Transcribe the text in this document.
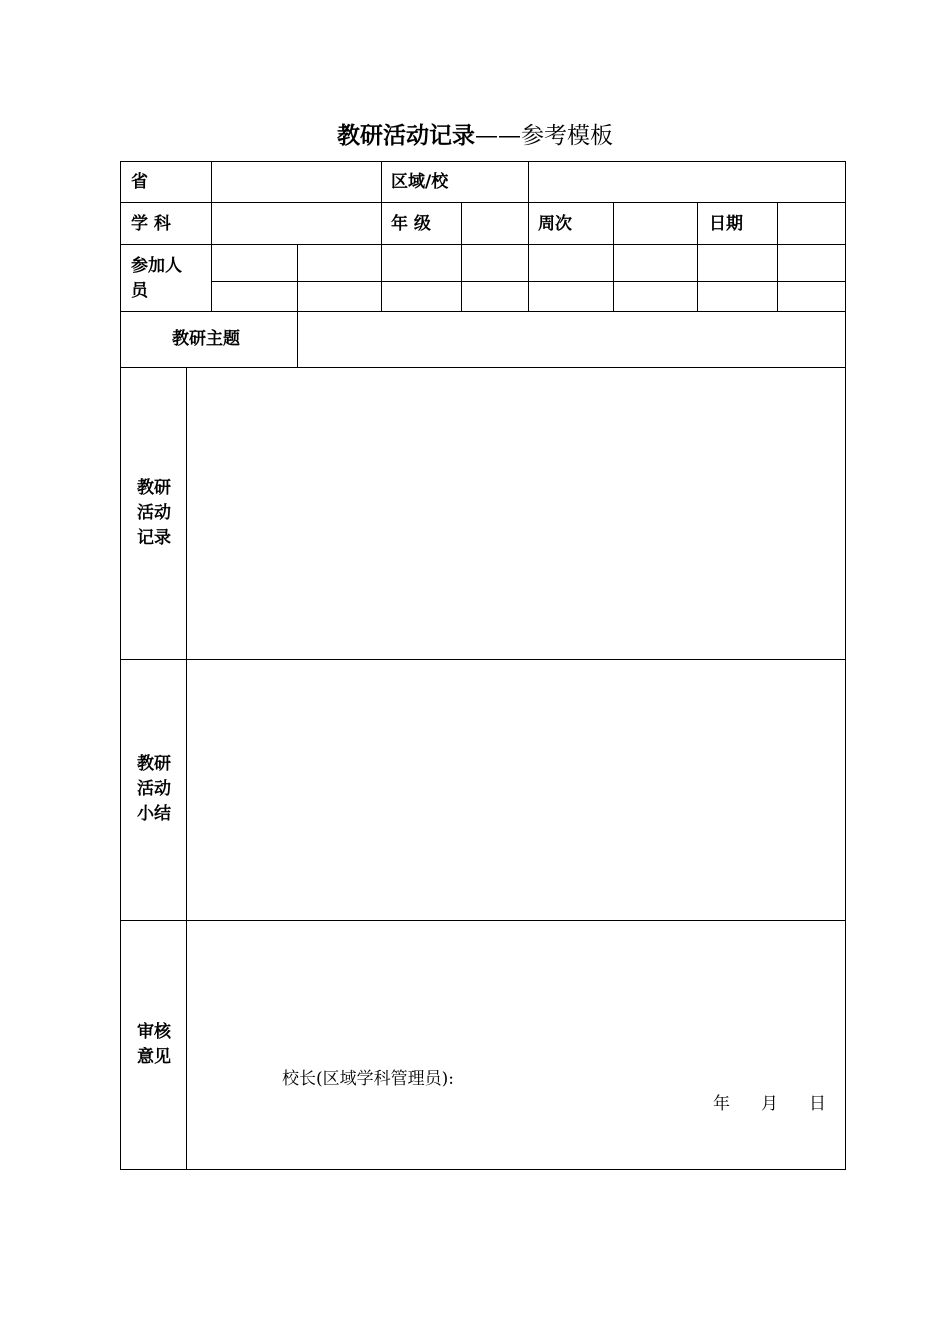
教研活动记录——参考模板
省	区域/校
学 科	年 级	周次	日期
参加人
员
教研主题
教研
活动
记录
教研
活动
小结
审核
意见
校长(区域学科管理员):
年 月 日
